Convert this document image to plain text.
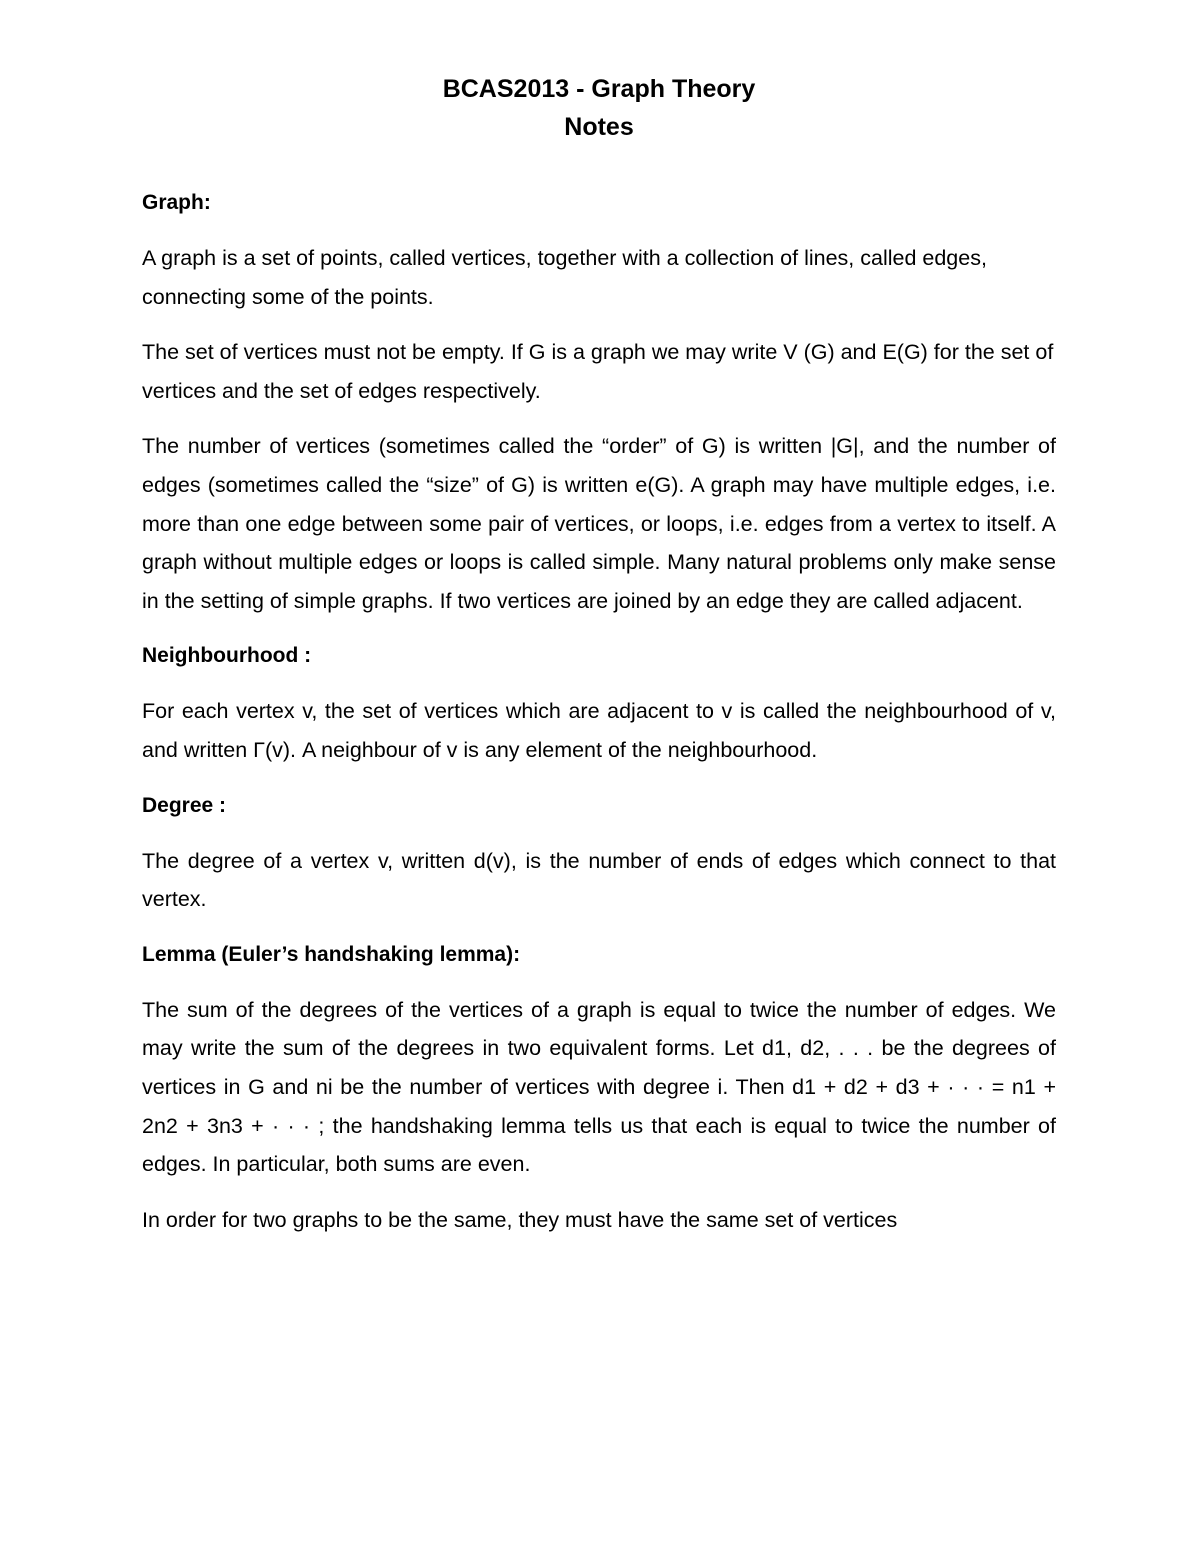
BCAS2013 - Graph Theory

Notes

Graph:

A graph is a set of points, called vertices, together with a collection of lines, called edges, connecting some of the points.

The set of vertices must not be empty. If G is a graph we may write V (G) and E(G) for the set of vertices and the set of edges respectively.

The number of vertices (sometimes called the “order” of G) is written |G|, and the number of edges (sometimes called the “size” of G) is written e(G). A graph may have multiple edges, i.e. more than one edge between some pair of vertices, or loops, i.e. edges from a vertex to itself. A graph without multiple edges or loops is called simple. Many natural problems only make sense in the setting of simple graphs. If two vertices are joined by an edge they are called adjacent.

Neighbourhood :

For each vertex v, the set of vertices which are adjacent to v is called the neighbourhood of v, and written Γ(v). A neighbour of v is any element of the neighbourhood.

Degree :

The degree of a vertex v, written d(v), is the number of ends of edges which connect to that vertex.

Lemma (Euler’s handshaking lemma):

The sum of the degrees of the vertices of a graph is equal to twice the number of edges. We may write the sum of the degrees in two equivalent forms. Let d1, d2, . . . be the degrees of vertices in G and ni be the number of vertices with degree i. Then d1 + d2 + d3 + · · · = n1 + 2n2 + 3n3 + · · · ; the handshaking lemma tells us that each is equal to twice the number of edges. In particular, both sums are even.

In order for two graphs to be the same, they must have the same set of vertices
